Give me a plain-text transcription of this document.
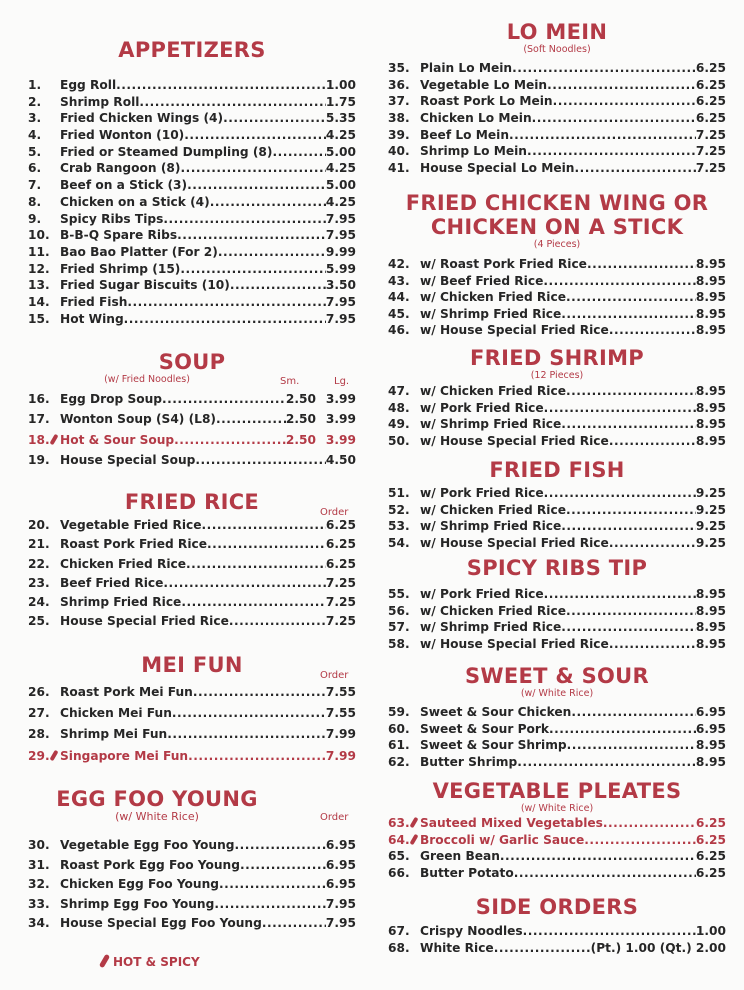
APPETIZERS
1.	Egg Roll .....	1.00
2.	Shrimp Roll .....	1.75
3.	Fried Chicken Wings (4) .....	5.35
4.	Fried Wonton (10) .....	4.25
5.	Fried or Steamed Dumpling (8) .....	5.00
6.	Crab Rangoon (8) .....	4.25
7.	Beef on a Stick (3) .....	5.00
8.	Chicken on a Stick (4) .....	4.25
9.	Spicy Ribs Tips .....	7.95
10. B-B-Q Spare Ribs .....	7.95
11. Bao Bao Platter (For 2) .....	9.99
12. Fried Shrimp (15) .....	5.99
13. Fried Sugar Biscuits (10) .....	3.50
14. Fried Fish .....	7.95
15. Hot Wing .....	7.95
SOUP
(w/ Fried Noodles)	Sm.	Lg.
16. Egg Drop Soup .....	2.50 3.99
17. Wonton Soup (S4) (L8) .....	2.50 3.99
18. Hot & Sour Soup .....	2.50 3.99
19. House Special Soup .....	4.50
FRIED RICE	Order
20. Vegetable Fried Rice .....	6.25
21. Roast Pork Fried Rice .....	6.25
22. Chicken Fried Rice .....	6.25
23. Beef Fried Rice .....	7.25
24. Shrimp Fried Rice .....	7.25
25. House Special Fried Rice .....	7.25
MEI FUN	Order
26. Roast Pork Mei Fun .....	7.55
27. Chicken Mei Fun .....	7.55
28. Shrimp Mei Fun .....	7.99
29. Singapore Mei Fun .....	7.99
EGG FOO YOUNG
(w/ White Rice)	Order
30. Vegetable Egg Foo Young .....	6.95
31. Roast Pork Egg Foo Young .....	6.95
32. Chicken Egg Foo Young .....	6.95
33. Shrimp Egg Foo Young .....	7.95
34. House Special Egg Foo Young .....	7.95
HOT & SPICY
LO MEIN
(Soft Noodles)
35. Plain Lo Mein .....	6.25
36. Vegetable Lo Mein .....	6.25
37. Roast Pork Lo Mein .....	6.25
38. Chicken Lo Mein .....	6.25
39. Beef Lo Mein .....	7.25
40. Shrimp Lo Mein .....	7.25
41. House Special Lo Mein .....	7.25
FRIED CHICKEN WING OR
CHICKEN ON A STICK
(4 Pieces)
42. w/ Roast Pork Fried Rice .....	8.95
43. w/ Beef Fried Rice .....	8.95
44. w/ Chicken Fried Rice .....	8.95
45. w/ Shrimp Fried Rice .....	8.95
46. w/ House Special Fried Rice .....	8.95
FRIED SHRIMP
(12 Pieces)
47. w/ Chicken Fried Rice .....	8.95
48. w/ Pork Fried Rice .....	8.95
49. w/ Shrimp Fried Rice .....	8.95
50. w/ House Special Fried Rice .....	8.95
FRIED FISH
51. w/ Pork Fried Rice .....	9.25
52. w/ Chicken Fried Rice .....	9.25
53. w/ Shrimp Fried Rice .....	9.25
54. w/ House Special Fried Rice .....	9.25
SPICY RIBS TIP
55. w/ Pork Fried Rice .....	8.95
56. w/ Chicken Fried Rice .....	8.95
57. w/ Shrimp Fried Rice .....	8.95
58. w/ House Special Fried Rice .....	8.95
SWEET & SOUR
(w/ White Rice)
59. Sweet & Sour Chicken .....	6.95
60. Sweet & Sour Pork .....	6.95
61. Sweet & Sour Shrimp .....	8.95
62. Butter Shrimp .....	8.95
VEGETABLE PLEATES
(w/ White Rice)
63. Sauteed Mixed Vegetables .....	6.25
64. Broccoli w/ Garlic Sauce .....	6.25
65. Green Bean .....	6.25
66. Butter Potato .....	6.25
SIDE ORDERS
67. Crispy Noodles .....	1.00
68. White Rice .....	(Pt.) 1.00 (Qt.) 2.00
